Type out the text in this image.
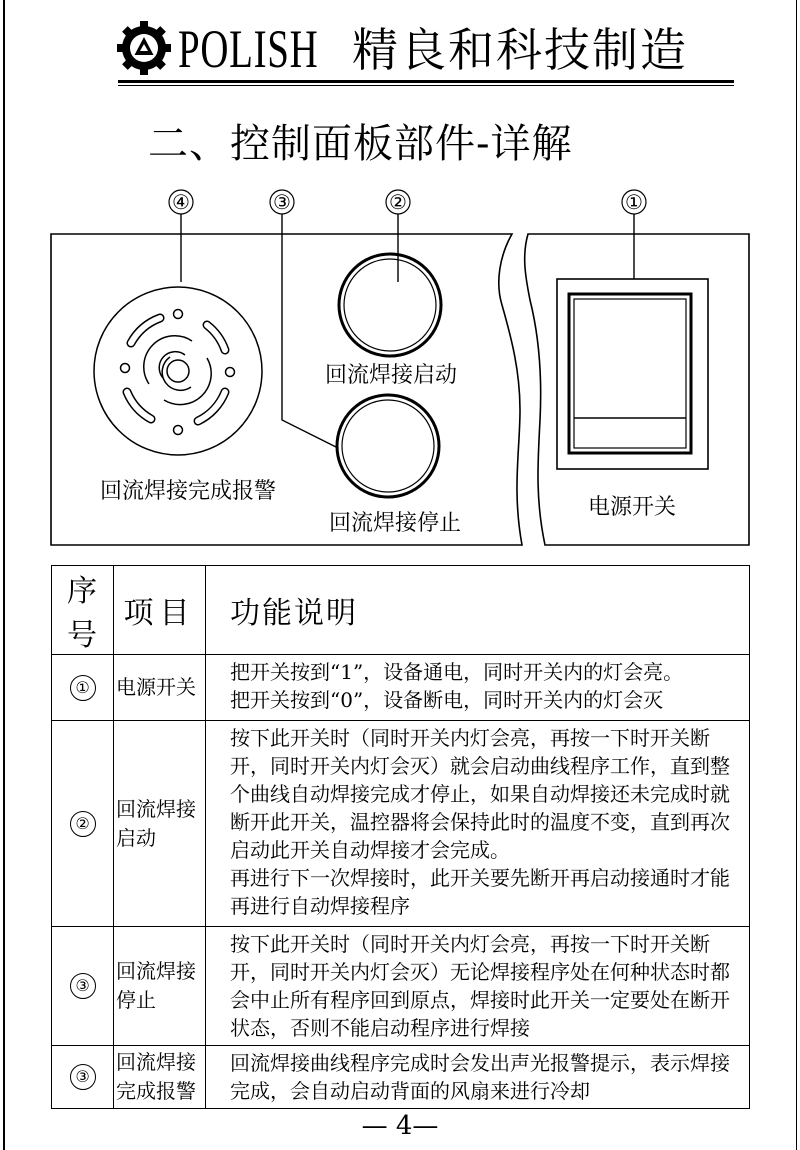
POLISH 精良和科技制造
二、控制面板部件-详解
④	③	②	①
回流焊接完成报警
回流焊接启动
回流焊接停止
电源开关
序号	项目	功能说明
①	电源开关	把开关按到“1”，设备通电，同时开关内的灯会亮。
把开关按到“0”，设备断电，同时开关内的灯会灭

②	回流焊接启动	按下此开关时（同时开关内灯会亮，再按一下时开关断开，同时开关内灯会灭）就会启动曲线程序工作，直到整个曲线自动焊接完成才停止，如果自动焊接还未完成时就断开此开关，温控器将会保持此时的温度不变，直到再次启动此开关自动焊接才会完成。
再进行下一次焊接时，此开关要先断开再启动接通时才能再进行自动焊接程序

③	回流焊接停止	按下此开关时（同时开关内灯会亮，再按一下时开关断开，同时开关内灯会灭）无论焊接程序处在何种状态时都会中止所有程序回到原点，焊接时此开关一定要处在断开状态，否则不能启动程序进行焊接

③	回流焊接完成报警	回流焊接曲线程序完成时会发出声光报警提示，表示焊接完成，会自动启动背面的风扇来进行冷却
— 4—
